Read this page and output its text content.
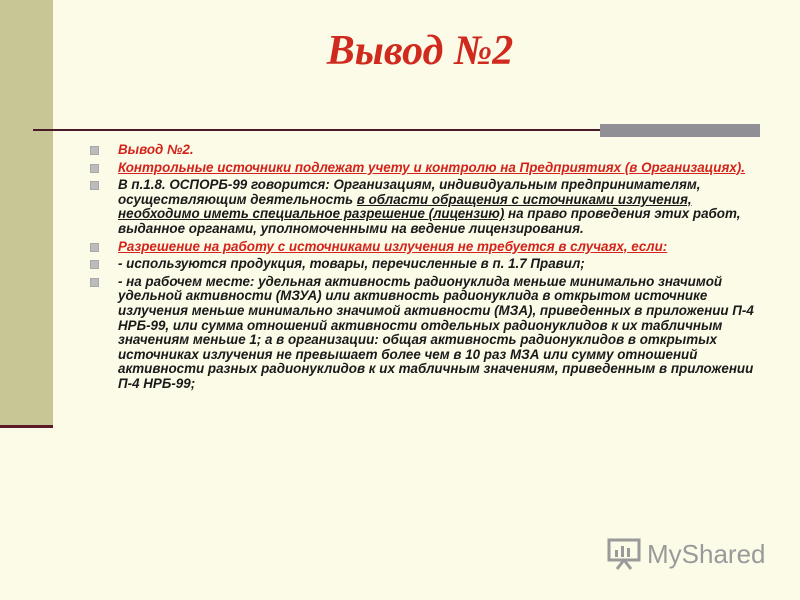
Вывод №2
Вывод №2.
Контрольные источники подлежат учету и контролю на Предприятиях (в Организациях).
В п.1.8. ОСПОРБ-99 говорится: Организациям, индивидуальным предпринимателям, осуществляющим деятельность в области обращения с источниками излучения, необходимо иметь специальное разрешение (лицензию) на право проведения этих работ, выданное органами, уполномоченными на ведение лицензирования.
Разрешение на работу с источниками излучения не требуется в случаях, если:
- используются продукция, товары, перечисленные в п. 1.7 Правил;
- на рабочем месте: удельная активность радионуклида меньше минимально значимой удельной активности (МЗУА) или активность радионуклида в открытом источнике излучения меньше минимально значимой активности (МЗА), приведенных в приложении П-4 НРБ-99, или сумма отношений активности отдельных радионуклидов к их табличным значениям меньше 1; а в организации: общая активность радионуклидов в открытых источниках излучения не превышает более чем в 10 раз МЗА или сумму отношений активности разных радионуклидов к их табличным значениям, приведенным в приложении П-4 НРБ-99;
MyShared
